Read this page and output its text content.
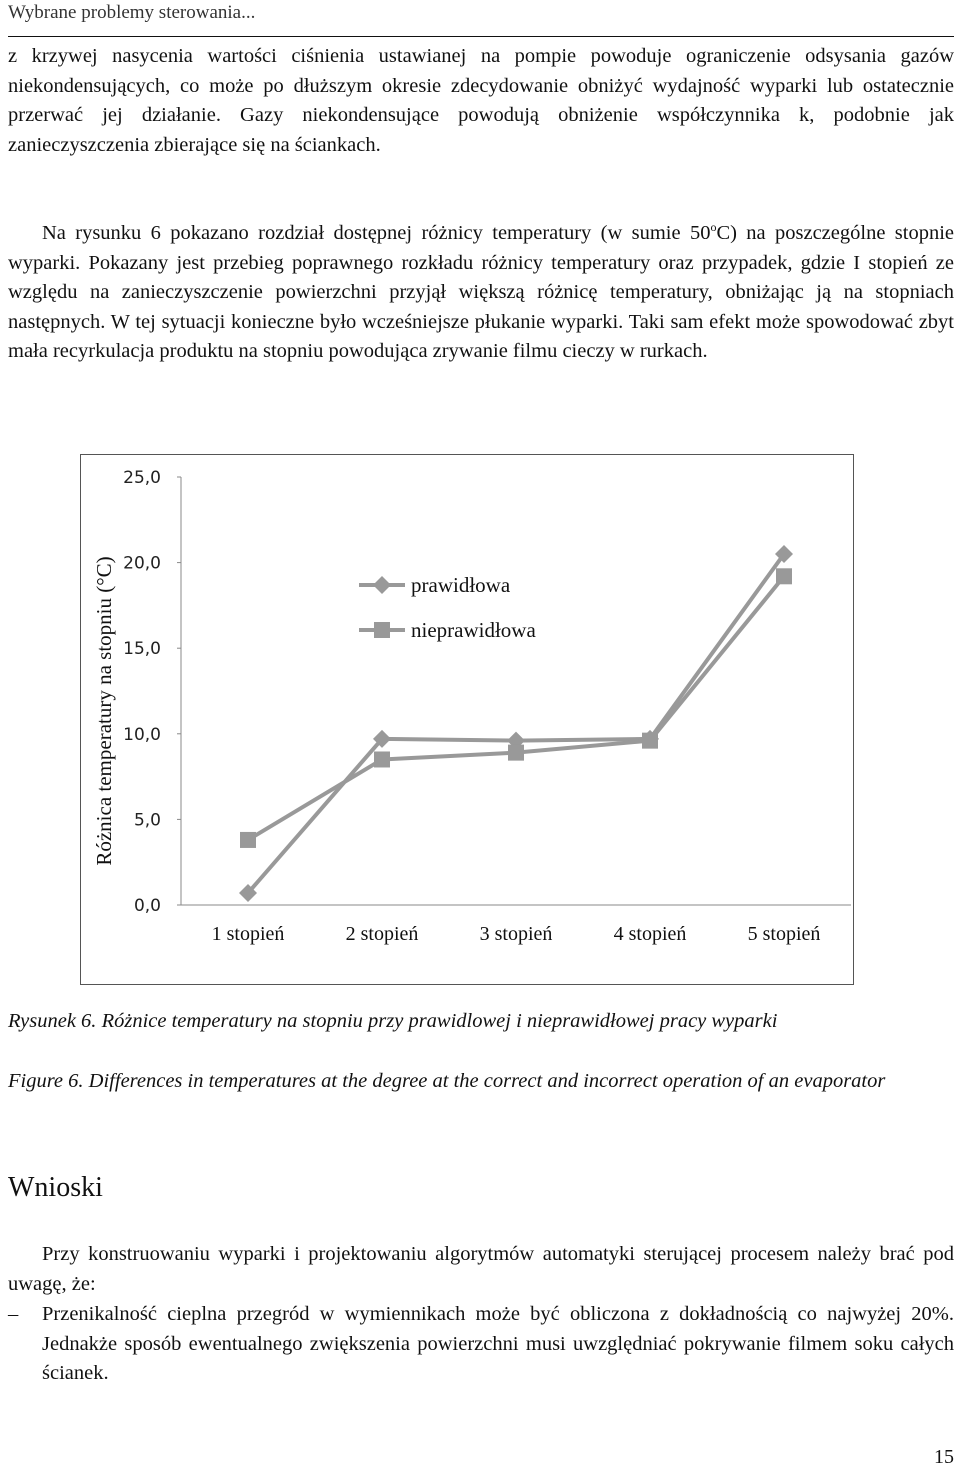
Wybrane problemy sterowania...

z krzywej nasycenia wartości ciśnienia ustawianej na pompie powoduje ograniczenie odsysania gazów niekondensujących, co może po dłuższym okresie zdecydowanie obniżyć wydajność wyparki lub ostatecznie przerwać jej działanie. Gazy niekondensujące powodują obniżenie współczynnika k, podobnie jak zanieczyszczenia zbierające się na ściankach.

Na rysunku 6 pokazano rozdział dostępnej różnicy temperatury (w sumie 50$^o$C) na poszczególne stopnie wyparki. Pokazany jest przebieg poprawnego rozkładu różnicy temperatury oraz przypadek, gdzie I stopień ze względu na zanieczyszczenie powierzchni przyjął większą różnicę temperatury, obniżając ją na stopniach następnych. W tej sytuacji konieczne było wcześniejsze płukanie wyparki. Taki sam efekt może spowodować zbyt mała recyrkulacja produktu na stopniu powodująca zrywanie filmu cieczy w rurkach.

0,0
5,0
10,0
15,0
20,0
25,0
1 stopień	2 stopień	3 stopień	4 stopień	5 stopień
Różnica temperatury na stopniu (°C)	prawidłowa
nieprawidłowa
Rysunek 6. Różnice temperatury na stopniu przy prawidlowej i nieprawidłowej pracy wyparki
Figure 6. Differences in temperatures at the degree at the correct and incorrect operation of an evaporator
Wnioski

Przy konstruowaniu wyparki i projektowaniu algorytmów automatyki sterującej procesem należy brać pod uwagę, że:

– Przenikalność cieplna przegród w wymiennikach może być obliczona z dokładnością co najwyżej 20%. Jednakże sposób ewentualnego zwiększenia powierzchni musi uwzględniać pokrywanie filmem soku całych ścianek.
15
